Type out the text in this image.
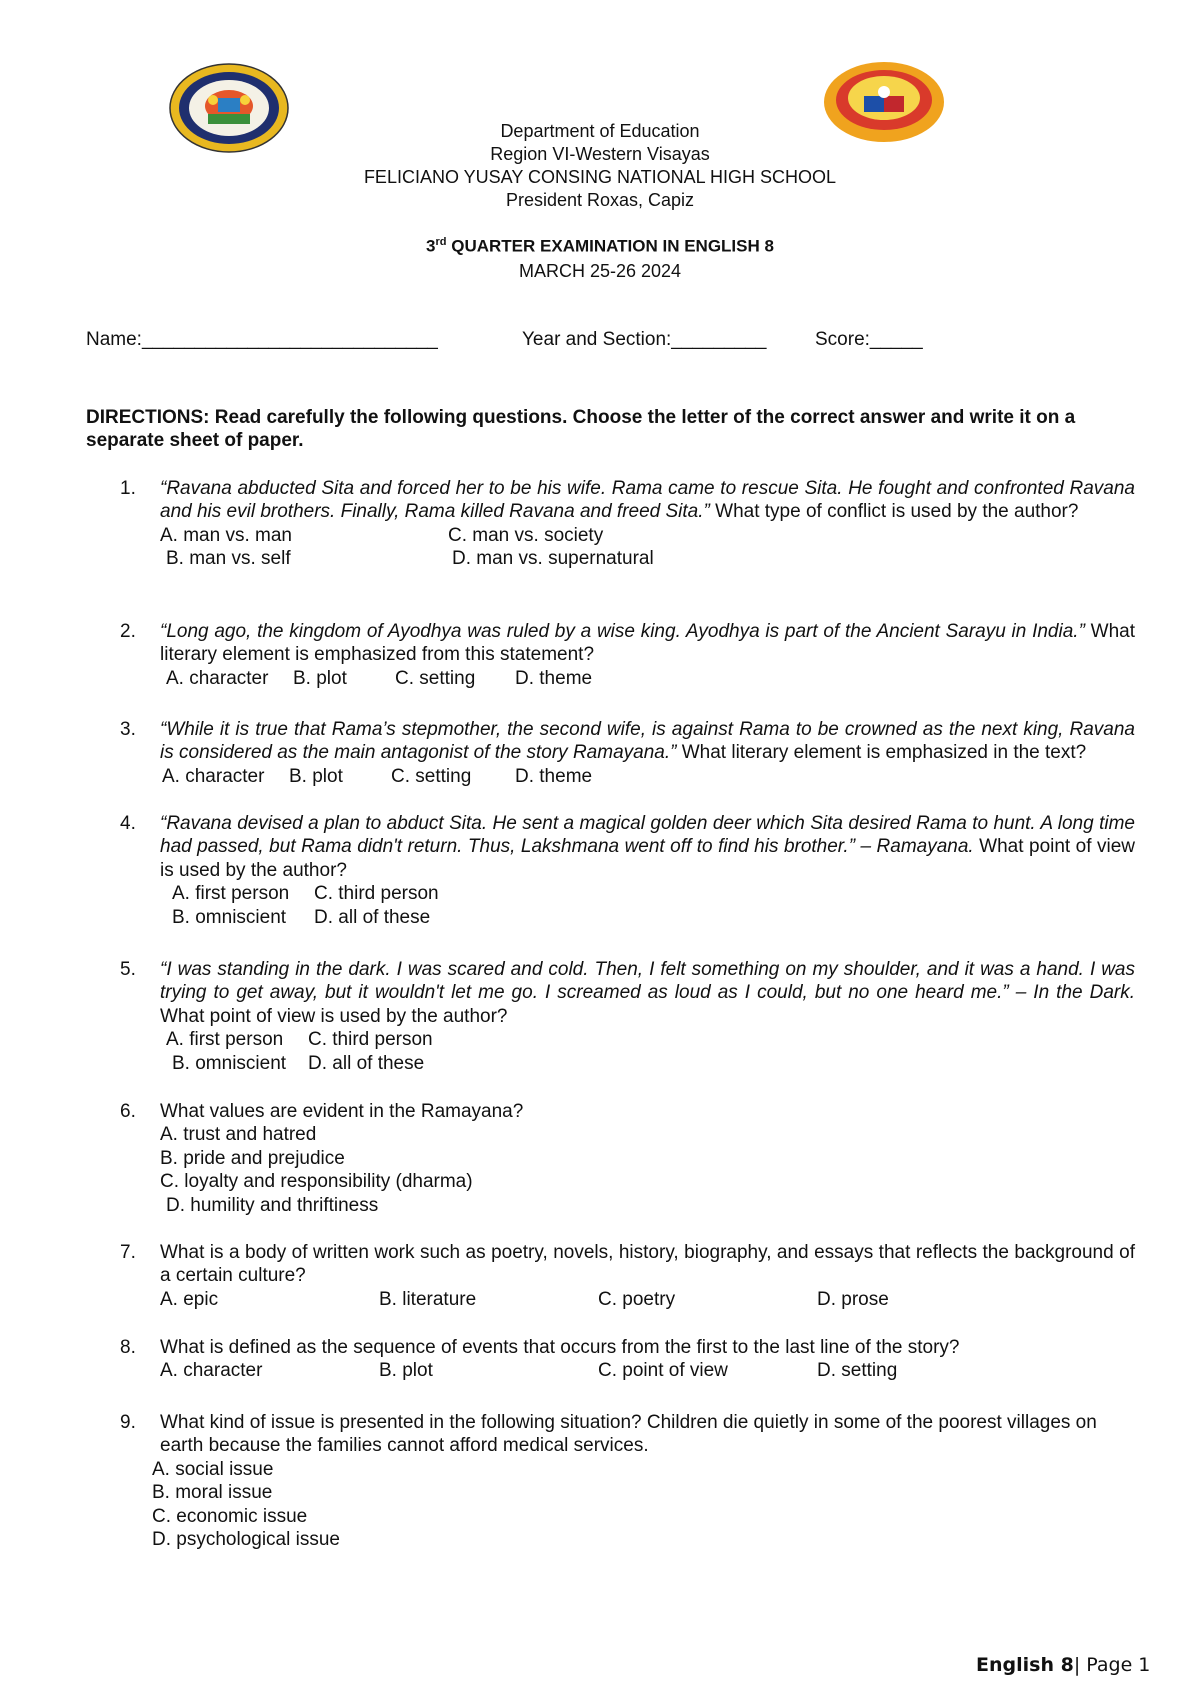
Department of Education
Region VI-Western Visayas
FELICIANO YUSAY CONSING NATIONAL HIGH SCHOOL
President Roxas, Capiz
3rd QUARTER EXAMINATION IN ENGLISH 8
MARCH 25-26 2024
Name:____________________________	Year and Section:_________	Score:_____
DIRECTIONS: Read carefully the following questions. Choose the letter of the correct answer and write it on a separate sheet of paper.
1.	“Ravana abducted Sita and forced her to be his wife. Rama came to rescue Sita. He fought and confronted Ravana and his evil brothers. Finally, Rama killed Ravana and freed Sita.” What type of conflict is used by the author?
A. man vs. man	C. man vs. society
B. man vs. self	D. man vs. supernatural
2.	“Long ago, the kingdom of Ayodhya was ruled by a wise king. Ayodhya is part of the Ancient Sarayu in India.” What literary element is emphasized from this statement?
A. character B. plot	C. setting D. theme
3.	“While it is true that Rama’s stepmother, the second wife, is against Rama to be crowned as the next king, Ravana is considered as the main antagonist of the story Ramayana.” What literary element is emphasized in the text?
A. character B. plot	C. setting D. theme
4.	“Ravana devised a plan to abduct Sita. He sent a magical golden deer which Sita desired Rama to hunt. A long time had passed, but Rama didn't return. Thus, Lakshmana went off to find his brother.” – Ramayana. What point of view is used by the author?
A. first person C. third person
B. omniscient D. all of these
5.	“I was standing in the dark. I was scared and cold. Then, I felt something on my shoulder, and it was a hand. I was trying to get away, but it wouldn't let me go. I screamed as loud as I could, but no one heard me.” – In the Dark. What point of view is used by the author?
A. first person C. third person
B. omniscient D. all of these
6.	What values are evident in the Ramayana?
A. trust and hatred
B. pride and prejudice
C. loyalty and responsibility (dharma)
D. humility and thriftiness
7.	What is a body of written work such as poetry, novels, history, biography, and essays that reflects the background of a certain culture?
A. epic	B. literature	C. poetry	D. prose
8.	What is defined as the sequence of events that occurs from the first to the last line of the story?
A. character	B. plot	C. point of view	D. setting
9.	What kind of issue is presented in the following situation? Children die quietly in some of the poorest villages on earth because the families cannot afford medical services.
A. social issue
B. moral issue
C. economic issue
D. psychological issue
English 8| Page 1
